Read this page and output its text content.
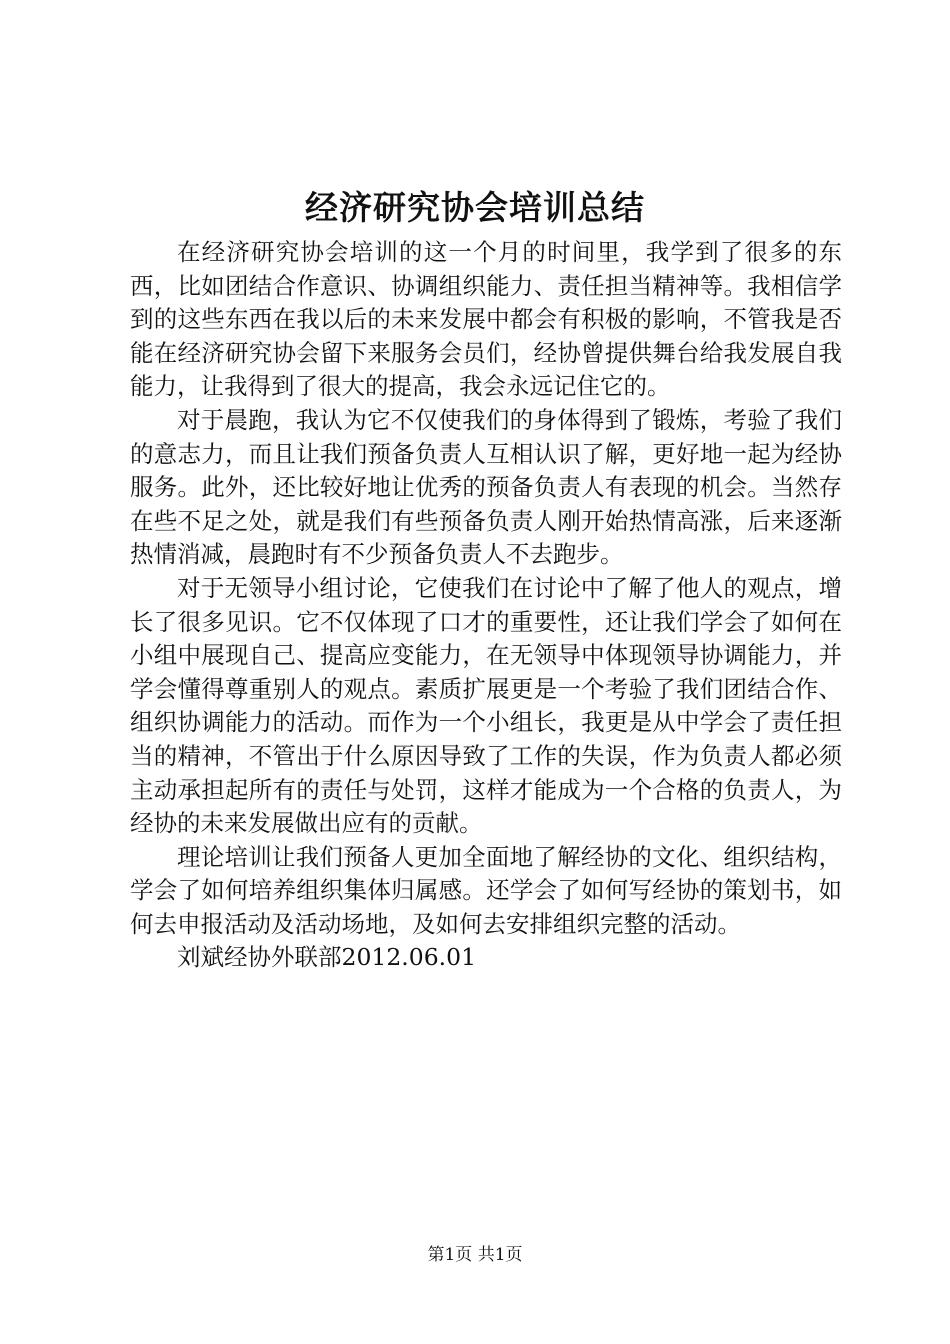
经济研究协会培训总结

在经济研究协会培训的这一个月的时间里，我学到了很多的东西，比如团结合作意识、协调组织能力、责任担当精神等。我相信学到的这些东西在我以后的未来发展中都会有积极的影响，不管我是否能在经济研究协会留下来服务会员们，经协曾提供舞台给我发展自我能力，让我得到了很大的提高，我会永远记住它的。

对于晨跑，我认为它不仅使我们的身体得到了锻炼，考验了我们的意志力，而且让我们预备负责人互相认识了解，更好地一起为经协服务。此外，还比较好地让优秀的预备负责人有表现的机会。当然存在些不足之处，就是我们有些预备负责人刚开始热情高涨，后来逐渐热情消减，晨跑时有不少预备负责人不去跑步。

对于无领导小组讨论，它使我们在讨论中了解了他人的观点，增长了很多见识。它不仅体现了口才的重要性，还让我们学会了如何在小组中展现自己、提高应变能力，在无领导中体现领导协调能力，并学会懂得尊重别人的观点。素质扩展更是一个考验了我们团结合作、组织协调能力的活动。而作为一个小组长，我更是从中学会了责任担当的精神，不管出于什么原因导致了工作的失误，作为负责人都必须主动承担起所有的责任与处罚，这样才能成为一个合格的负责人，为经协的未来发展做出应有的贡献。

理论培训让我们预备人更加全面地了解经协的文化、组织结构，学会了如何培养组织集体归属感。还学会了如何写经协的策划书，如何去申报活动及活动场地，及如何去安排组织完整的活动。

刘斌经协外联部2012.06.01

第1页 共1页
